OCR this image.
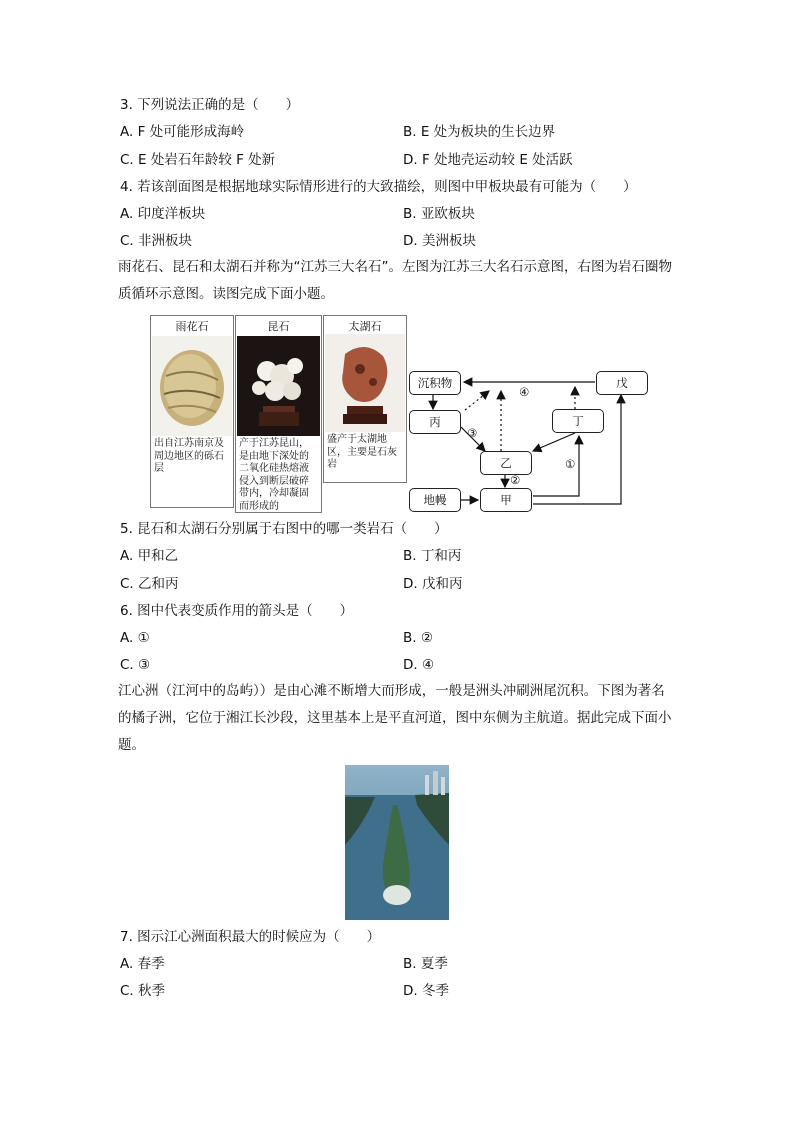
3. 下列说法正确的是（　　）
A. F 处可能形成海岭	B. E 处为板块的生长边界
C. E 处岩石年龄较 F 处新	D. F 处地壳运动较 E 处活跃
4. 若该剖面图是根据地球实际情形进行的大致描绘，则图中甲板块最有可能为（　　）
A. 印度洋板块	B. 亚欧板块
C. 非洲板块	D. 美洲板块
雨花石、昆石和太湖石并称为“江苏三大名石”。左图为江苏三大名石示意图，右图为岩石圈物质循环示意图。读图完成下面小题。
雨花石
出自江苏南京及周边地区的砾石层
昆石
产于江苏昆山，是由地下深处的二氧化硅热熔液侵入到断层破碎带内，冷却凝固而形成的
太湖石
盛产于太湖地区，主要是石灰岩
沉积物
丙	丁
戊
乙
甲
地幔
④
③
②
①
5. 昆石和太湖石分别属于右图中的哪一类岩石（　　）
A. 甲和乙	B. 丁和丙
C. 乙和丙	D. 戊和丙
6. 图中代表变质作用的箭头是（　　）
A. ①	B. ②
C. ③	D. ④
江心洲（江河中的岛屿））是由心滩不断增大而形成，一般是洲头冲刷洲尾沉积。下图为著名的橘子洲，它位于湘江长沙段，这里基本上是平直河道，图中东侧为主航道。据此完成下面小题。
7. 图示江心洲面积最大的时候应为（　　）
A. 春季	B. 夏季
C. 秋季	D. 冬季
